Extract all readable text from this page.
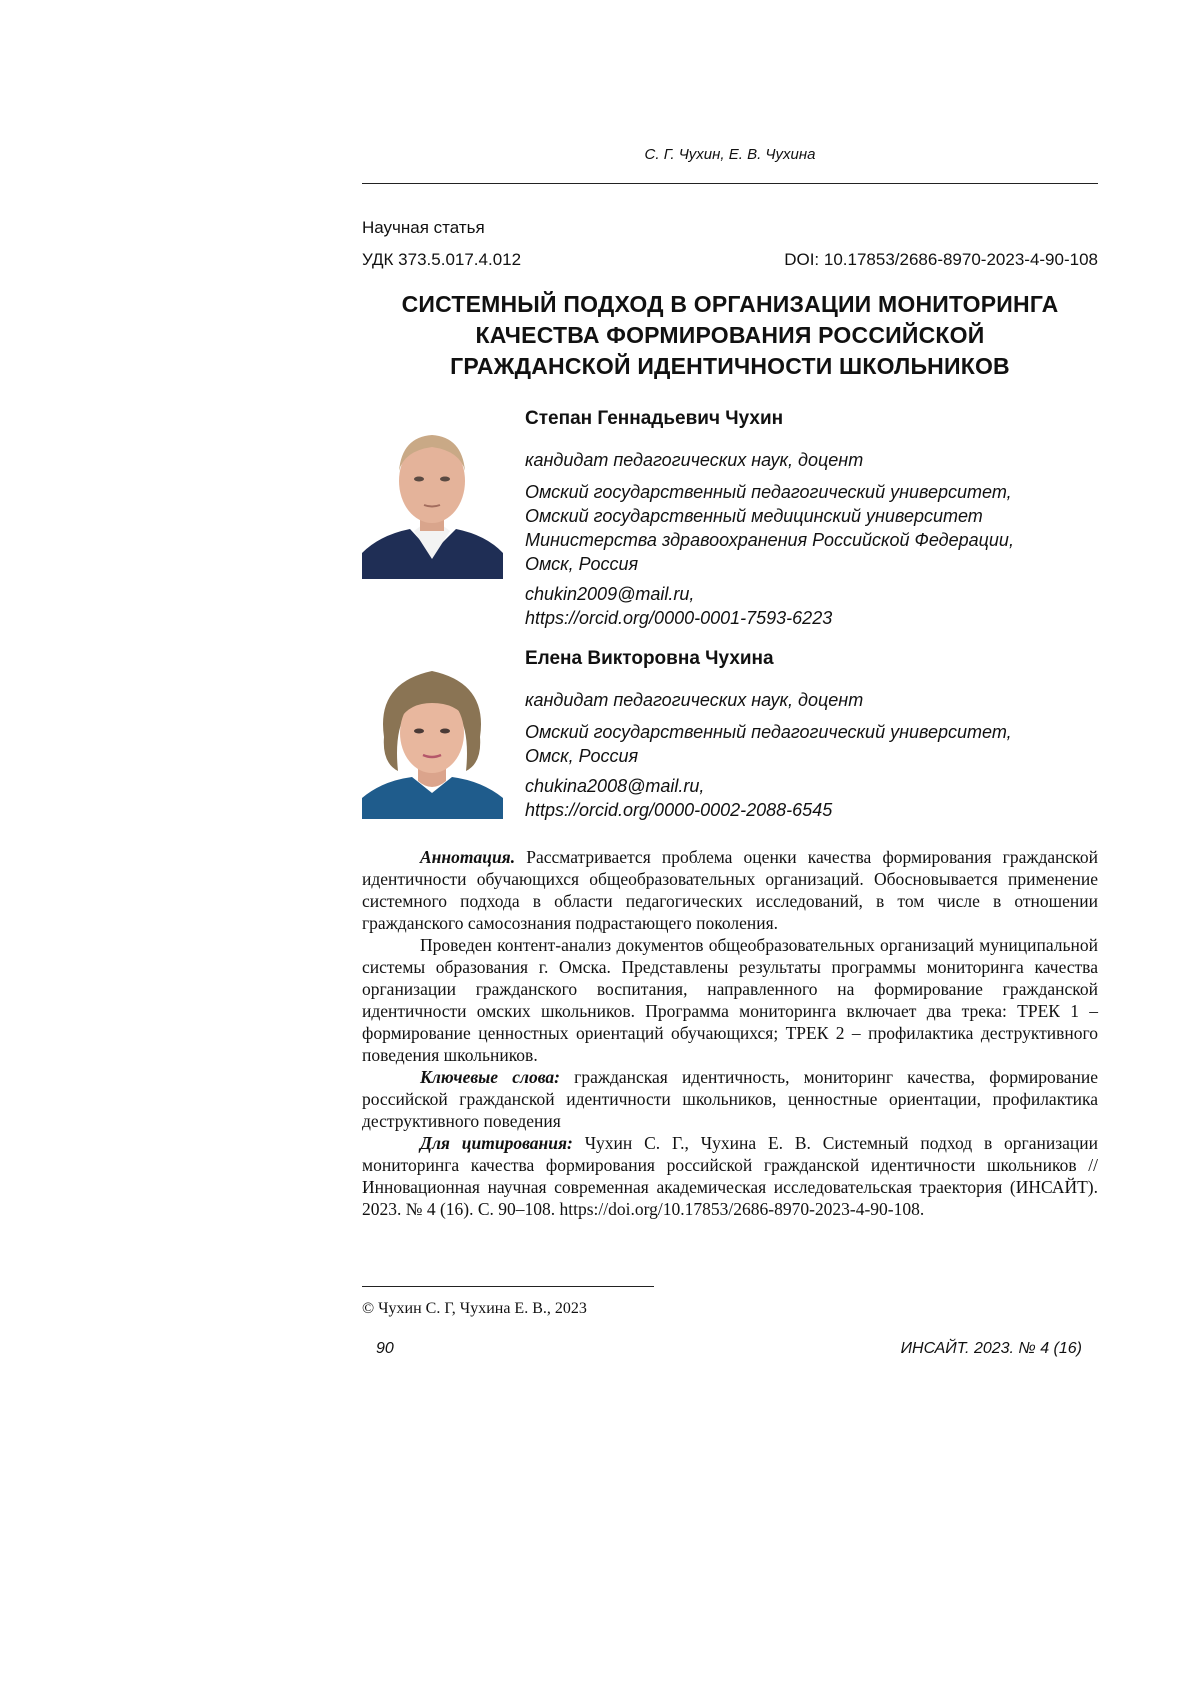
С. Г. Чухин, Е. В. Чухина
Научная статья
УДК 373.5.017.4.012	DOI: 10.17853/2686-8970-2023-4-90-108
СИСТЕМНЫЙ ПОДХОД В ОРГАНИЗАЦИИ МОНИТОРИНГА
КАЧЕСТВА ФОРМИРОВАНИЯ РОССИЙСКОЙ
ГРАЖДАНСКОЙ ИДЕНТИЧНОСТИ ШКОЛЬНИКОВ
Степан Геннадьевич Чухин
кандидат педагогических наук, доцент
Омский государственный педагогический университет,
Омский государственный медицинский университет
Министерства здравоохранения Российской Федерации,
Омск, Россия
chukin2009@mail.ru,
https://orcid.org/0000-0001-7593-6223
Елена Викторовна Чухина
кандидат педагогических наук, доцент
Омский государственный педагогический университет,
Омск, Россия
chukina2008@mail.ru,
https://orcid.org/0000-0002-2088-6545

Аннотация. Рассматривается проблема оценки качества формирования гражданской идентичности обучающихся общеобразовательных организаций. Обосновывается применение системного подхода в области педагогических исследований, в том числе в отношении гражданского самосознания подрастающего поколения.

Проведен контент-анализ документов общеобразовательных организаций муниципальной системы образования г. Омска. Представлены результаты программы мониторинга качества организации гражданского воспитания, направленного на формирование гражданской идентичности омских школьников. Программа мониторинга включает два трека: ТРЕК 1 – формирование ценностных ориентаций обучающихся; ТРЕК 2 – профилактика деструктивного поведения школьников.

Ключевые слова: гражданская идентичность, мониторинг качества, формирование российской гражданской идентичности школьников, ценностные ориентации, профилактика деструктивного поведения

Для цитирования: Чухин С. Г., Чухина Е. В. Системный подход в организации мониторинга качества формирования российской гражданской идентичности школьников // Инновационная научная современная академическая исследовательская траектория (ИНСАЙТ). 2023. № 4 (16). С. 90–108. https://doi.org/10.17853/2686-8970-2023-4-90-108.

© Чухин С. Г, Чухина Е. В., 2023
90	ИНСАЙТ. 2023. № 4 (16)
